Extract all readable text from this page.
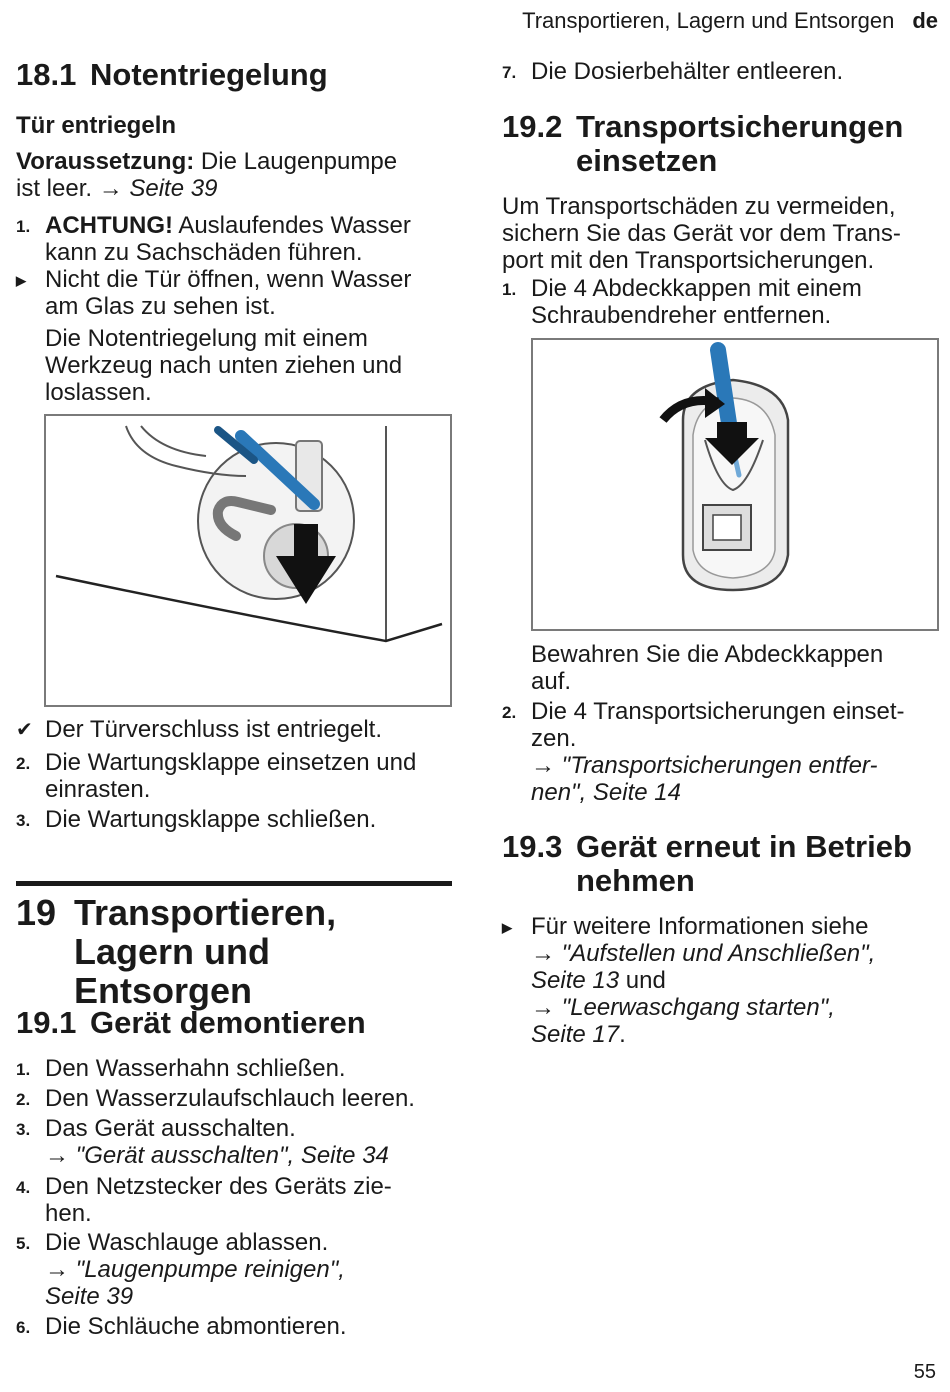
Transportieren, Lagern und Entsorgen de
18.1 Notentriegelung
Tür entriegeln
Voraussetzung: Die Laugenpumpe
ist leer. → Seite 39
1. ACHTUNG! Auslaufendes Wasser
kann zu Sachschäden führen.
▶ Nicht die Tür öffnen, wenn Wasser
am Glas zu sehen ist.
Die Notentriegelung mit einem
Werkzeug nach unten ziehen und
loslassen.
✔ Der Türverschluss ist entriegelt.
2. Die Wartungsklappe einsetzen und
einrasten.
3. Die Wartungsklappe schließen.
19 Transportieren,
Lagern und Entsorgen
19.1 Gerät demontieren
1. Den Wasserhahn schließen.
2. Den Wasserzulaufschlauch leeren.
3. Das Gerät ausschalten.
→ "Gerät ausschalten", Seite 34
4. Den Netzstecker des Geräts zie-
hen.
5. Die Waschlauge ablassen.
→ "Laugenpumpe reinigen",
Seite 39
6. Die Schläuche abmontieren.
7. Die Dosierbehälter entleeren.
19.2 Transportsicherungen
einsetzen
Um Transportschäden zu vermeiden,
sichern Sie das Gerät vor dem Trans-
port mit den Transportsicherungen.
1. Die 4 Abdeckkappen mit einem
Schraubendreher entfernen.
Bewahren Sie die Abdeckkappen
auf.
2. Die 4 Transportsicherungen einset-
zen.
→ "Transportsicherungen entfer-
nen", Seite 14
19.3 Gerät erneut in Betrieb
nehmen
▶ Für weitere Informationen siehe
→ "Aufstellen und Anschließen",
Seite 13 und
→ "Leerwaschgang starten",
Seite 17.
55
